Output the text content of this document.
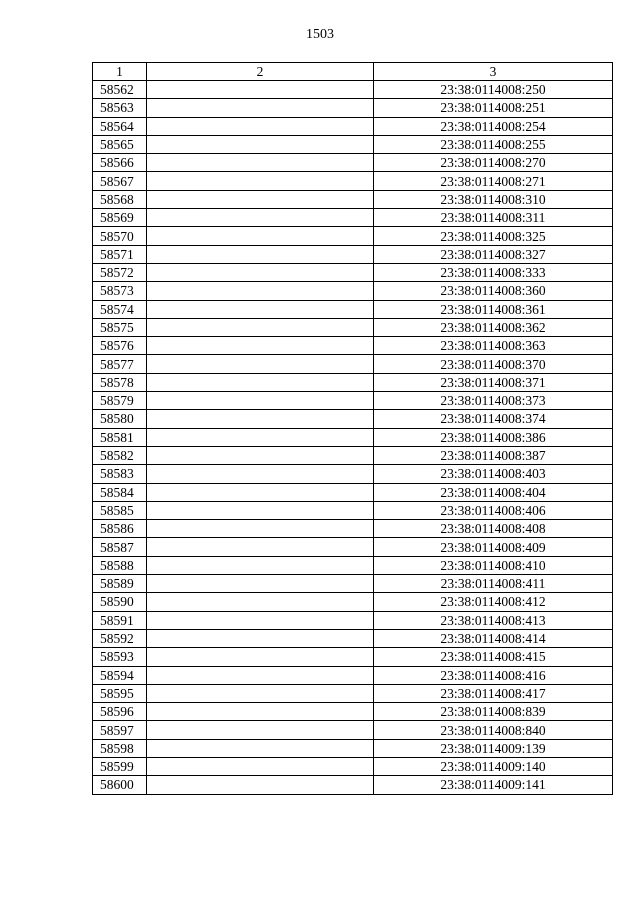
1503
1	2	3
58562		23:38:0114008:250
58563		23:38:0114008:251
58564		23:38:0114008:254
58565		23:38:0114008:255
58566		23:38:0114008:270
58567		23:38:0114008:271
58568		23:38:0114008:310
58569		23:38:0114008:311
58570		23:38:0114008:325
58571		23:38:0114008:327
58572		23:38:0114008:333
58573		23:38:0114008:360
58574		23:38:0114008:361
58575		23:38:0114008:362
58576		23:38:0114008:363
58577		23:38:0114008:370
58578		23:38:0114008:371
58579		23:38:0114008:373
58580		23:38:0114008:374
58581		23:38:0114008:386
58582		23:38:0114008:387
58583		23:38:0114008:403
58584		23:38:0114008:404
58585		23:38:0114008:406
58586		23:38:0114008:408
58587		23:38:0114008:409
58588		23:38:0114008:410
58589		23:38:0114008:411
58590		23:38:0114008:412
58591		23:38:0114008:413
58592		23:38:0114008:414
58593		23:38:0114008:415
58594		23:38:0114008:416
58595		23:38:0114008:417
58596		23:38:0114008:839
58597		23:38:0114008:840
58598		23:38:0114009:139
58599		23:38:0114009:140
58600		23:38:0114009:141
